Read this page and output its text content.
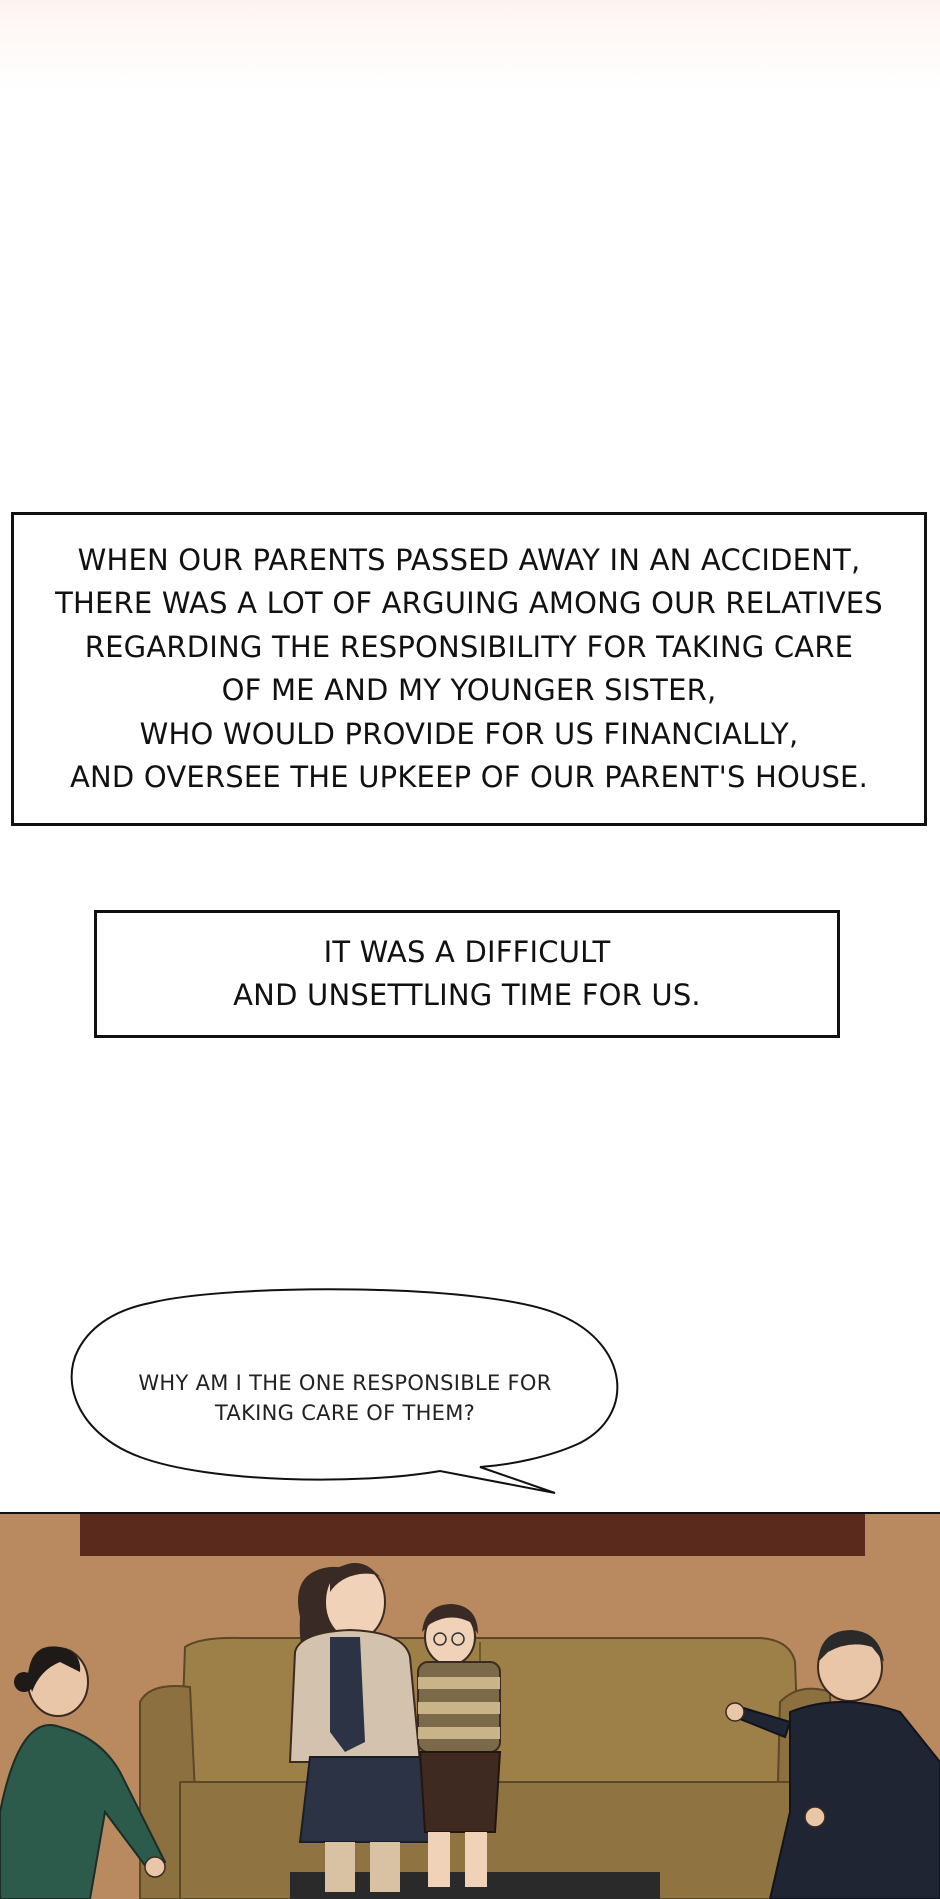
WHEN OUR PARENTS PASSED AWAY IN AN ACCIDENT,
THERE WAS A LOT OF ARGUING AMONG OUR RELATIVES
REGARDING THE RESPONSIBILITY FOR TAKING CARE
OF ME AND MY YOUNGER SISTER,
WHO WOULD PROVIDE FOR US FINANCIALLY,
AND OVERSEE THE UPKEEP OF OUR PARENT'S HOUSE.
IT WAS A DIFFICULT
AND UNSETTLING TIME FOR US.
WHY AM I THE ONE RESPONSIBLE FOR
TAKING CARE OF THEM?
